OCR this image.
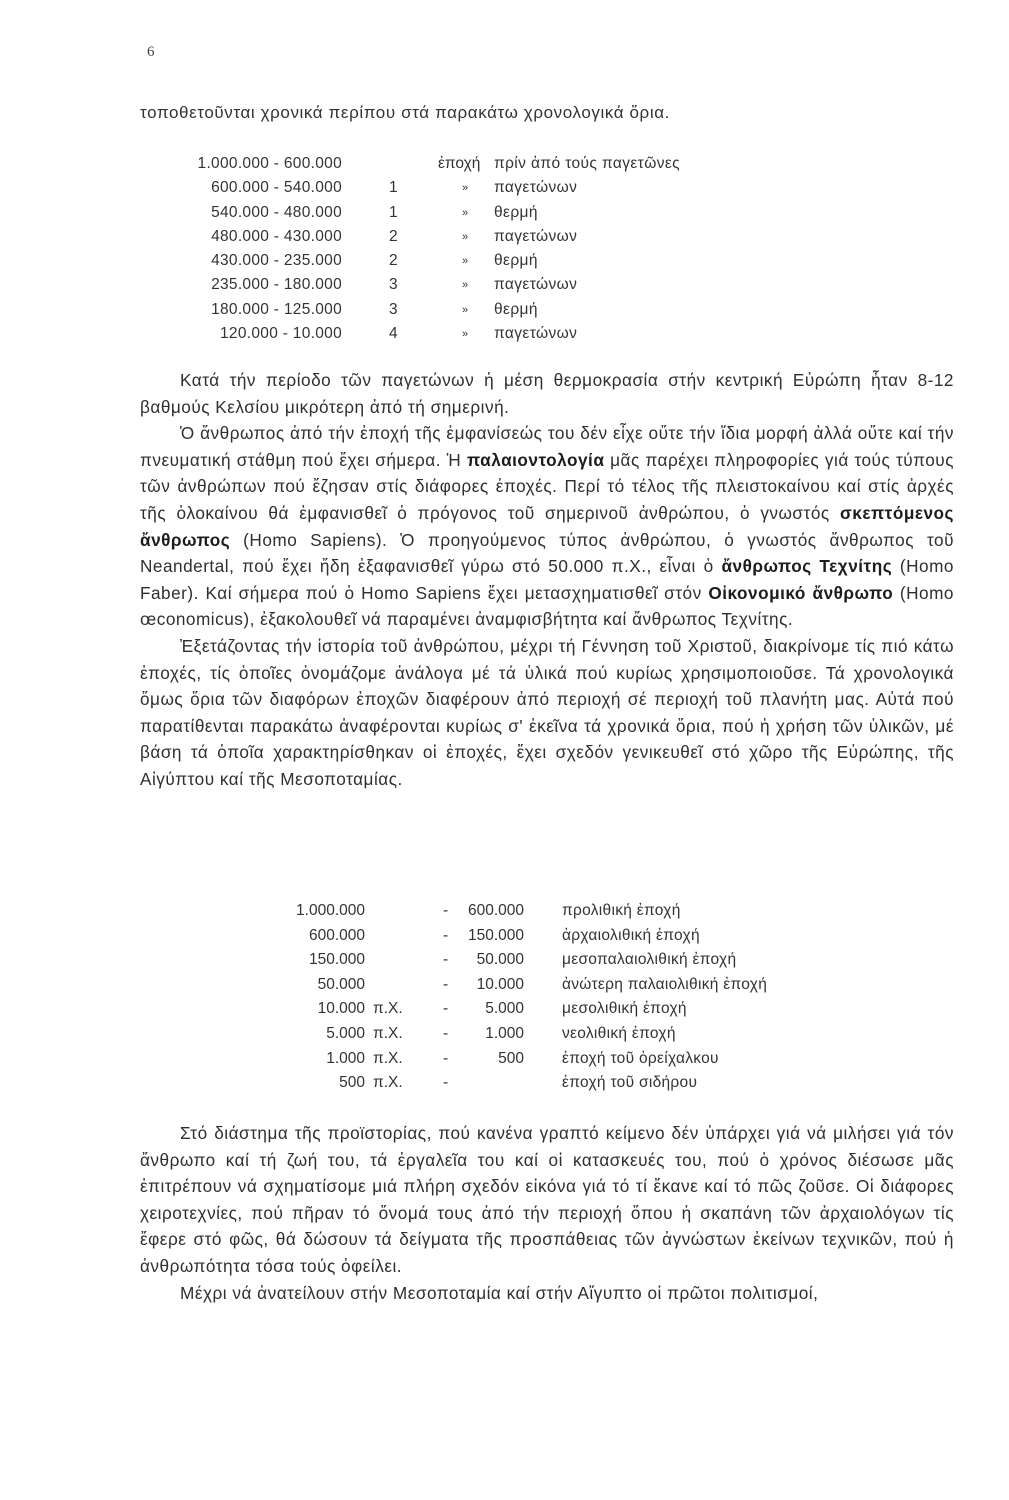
6
τοποθετοῦνται χρονικά περίπου στά παρακάτω χρονολογικά ὅρια.
1.000.000 - 600.000	ἐποχή πρίν ἀπό τούς παγετῶνες
600.000 - 540.000	1	» παγετώνων
540.000 - 480.000	1	» θερμή
480.000 - 430.000	2	» παγετώνων
430.000 - 235.000	2	» θερμή
235.000 - 180.000	3	» παγετώνων
180.000 - 125.000	3	» θερμή
120.000 - 10.000	4	» παγετώνων

Κατά τήν περίοδο τῶν παγετώνων ἡ μέση θερμοκρασία στήν κεντρική Εὐρώπη ἦταν 8-12 βαθμούς Κελσίου μικρότερη ἀπό τή σημερινή.

Ὁ ἄνθρωπος ἀπό τήν ἐποχή τῆς ἐμφανίσεώς του δέν εἶχε οὔτε τήν ἴδια μορφή ἀλλά οὔτε καί τήν πνευματική στάθμη πού ἔχει σήμερα. Ἡ παλαιοντολογία μᾶς παρέχει πληροφορίες γιά τούς τύπους τῶν ἀνθρώπων πού ἔζησαν στίς διάφορες ἐποχές. Περί τό τέλος τῆς πλειστοκαίνου καί στίς ἀρχές τῆς ὁλοκαίνου θά ἐμφανισθεῖ ὁ πρόγονος τοῦ σημερινοῦ ἀνθρώπου, ὁ γνωστός σκεπτόμενος ἄνθρωπος (Homo Sapiens). Ὁ προηγούμενος τύπος ἀνθρώπου, ὁ γνωστός ἄνθρωπος τοῦ Neandertal, πού ἔχει ἤδη ἐξαφανισθεῖ γύρω στό 50.000 π.Χ., εἶναι ὁ ἄνθρωπος Τεχνίτης (Homo Faber). Καί σήμερα πού ὁ Homo Sapiens ἔχει μετασχηματισθεῖ στόν Οἰκονομικό ἄνθρωπο (Homo œconomicus), ἐξακολουθεῖ νά παραμένει ἀναμφισβήτητα καί ἄνθρωπος Τεχνίτης.

Ἐξετάζοντας τήν ἱστορία τοῦ ἀνθρώπου, μέχρι τή Γέννηση τοῦ Χριστοῦ, διακρίνομε τίς πιό κάτω ἐποχές, τίς ὁποῖες ὀνομάζομε ἀνάλογα μέ τά ὑλικά πού κυρίως χρησιμοποιοῦσε. Τά χρονολογικά ὅμως ὅρια τῶν διαφόρων ἐποχῶν διαφέρουν ἀπό περιοχή σέ περιοχή τοῦ πλανήτη μας. Αὐτά πού παρατίθενται παρακάτω ἀναφέρονται κυρίως σ' ἐκεῖνα τά χρονικά ὅρια, πού ἡ χρήση τῶν ὑλικῶν, μέ βάση τά ὁποῖα χαρακτηρίσθηκαν οἱ ἐποχές, ἔχει σχεδόν γενικευθεῖ στό χῶρο τῆς Εὐρώπης, τῆς Αἰγύπτου καί τῆς Μεσοποταμίας.

1.000.000	- 600.000 προλιθική ἐποχή
600.000	- 150.000 ἀρχαιολιθική ἐποχή
150.000	- 50.000 μεσοπαλαιολιθική ἐποχή
50.000	- 10.000 ἀνώτερη παλαιολιθική ἐποχή
10.000 π.Χ.	- 5.000 μεσολιθική ἐποχή
5.000 π.Χ.	- 1.000 νεολιθική ἐποχή
1.000 π.Χ.	-	500 ἐποχή τοῦ ὀρείχαλκου
500 π.Χ.	-	ἐποχή τοῦ σιδήρου

Στό διάστημα τῆς προϊστορίας, πού κανένα γραπτό κείμενο δέν ὑπάρχει γιά νά μιλήσει γιά τόν ἄνθρωπο καί τή ζωή του, τά ἐργαλεῖα του καί οἱ κατασκευές του, πού ὁ χρόνος διέσωσε μᾶς ἐπιτρέπουν νά σχηματίσομε μιά πλήρη σχεδόν εἰκόνα γιά τό τί ἔκανε καί τό πῶς ζοῦσε. Οἱ διάφορες χειροτεχνίες, πού πῆραν τό ὄνομά τους ἀπό τήν περιοχή ὅπου ἡ σκαπάνη τῶν ἀρχαιολόγων τίς ἔφερε στό φῶς, θά δώσουν τά δείγματα τῆς προσπάθειας τῶν ἀγνώστων ἐκείνων τεχνικῶν, πού ἡ ἀνθρωπότητα τόσα τούς ὀφείλει.

Μέχρι νά ἀνατείλουν στήν Μεσοποταμία καί στήν Αἴγυπτο οἱ πρῶτοι πολιτισμοί,
